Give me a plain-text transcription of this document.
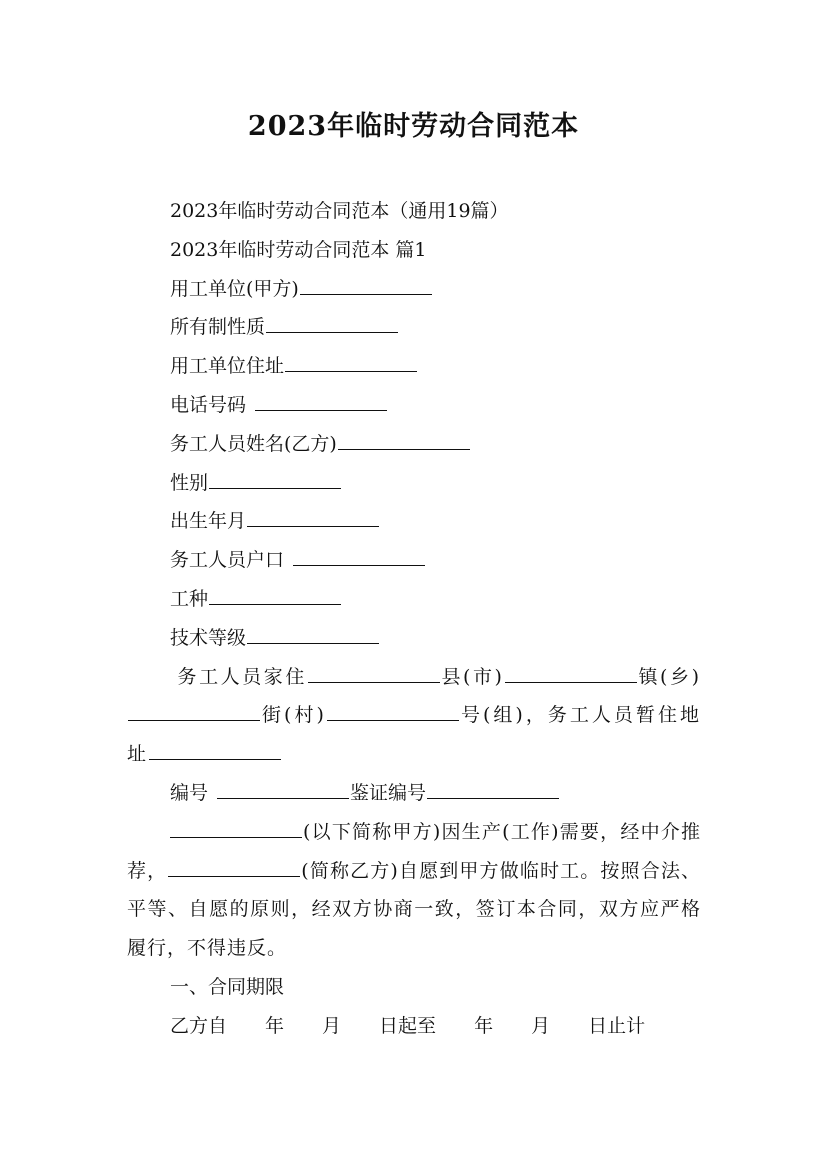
2023年临时劳动合同范本

2023年临时劳动合同范本（通用19篇）

2023年临时劳动合同范本 篇1

用工单位(甲方)

所有制性质

用工单位住址

电话号码

务工人员姓名(乙方)

性别

出生年月

务工人员户口

工种

技术等级

务工人员家住	县(市)	镇(乡)街(村)	号(组)，务工人员暂住地址

编号	鉴证编号

(以下简称甲方)因生产(工作)需要，经中介推荐，	(简称乙方)自愿到甲方做临时工。按照合法、平等、自愿的原则，经双方协商一致，签订本合同，双方应严格履行，不得违反。

一、合同期限

乙方自 年 月 日起至 年 月 日止计
